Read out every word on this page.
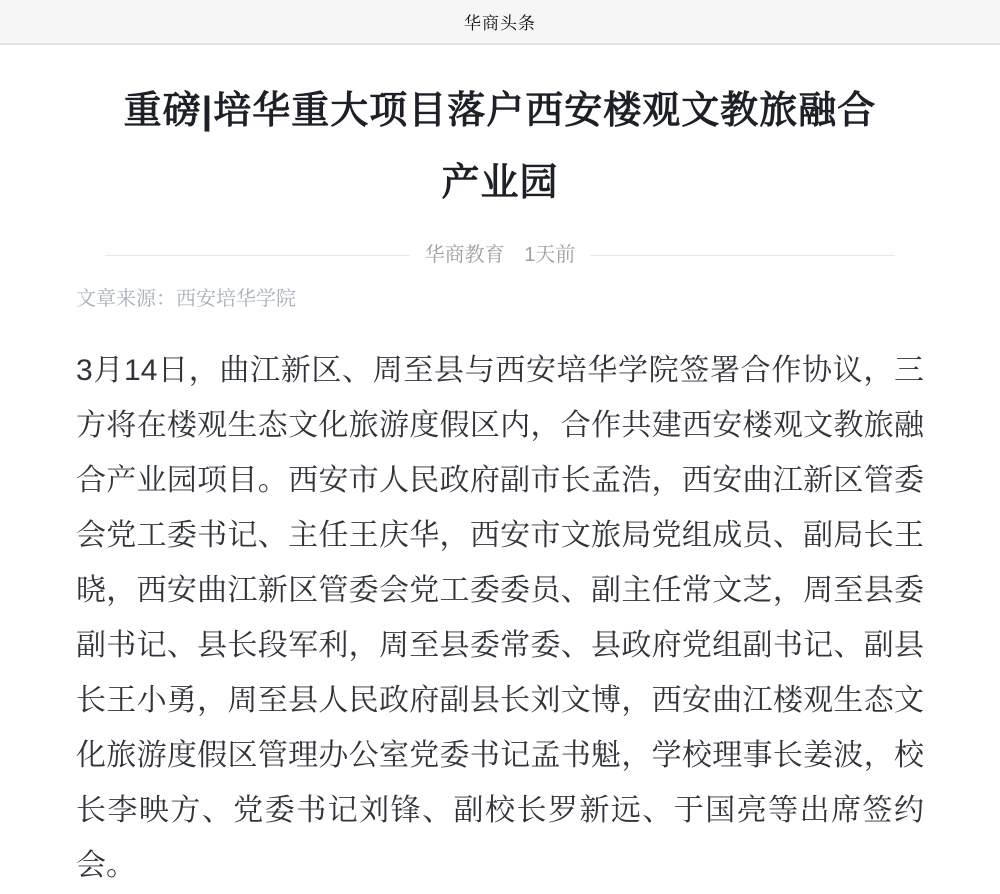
华商头条
重磅|培华重大项目落户西安楼观文教旅融合产业园
华商教育 1天前

文章来源：西安培华学院

3月14日，曲江新区、周至县与西安培华学院签署合作协议，三方将在楼观生态文化旅游度假区内，合作共建西安楼观文教旅融合产业园项目。西安市人民政府副市长孟浩，西安曲江新区管委会党工委书记、主任王庆华，西安市文旅局党组成员、副局长王晓，西安曲江新区管委会党工委委员、副主任常文芝，周至县委副书记、县长段军利，周至县委常委、县政府党组副书记、副县长王小勇，周至县人民政府副县长刘文博，西安曲江楼观生态文化旅游度假区管理办公室党委书记孟书魁，学校理事长姜波，校长李映方、党委书记刘锋、副校长罗新远、于国亮等出席签约会。
